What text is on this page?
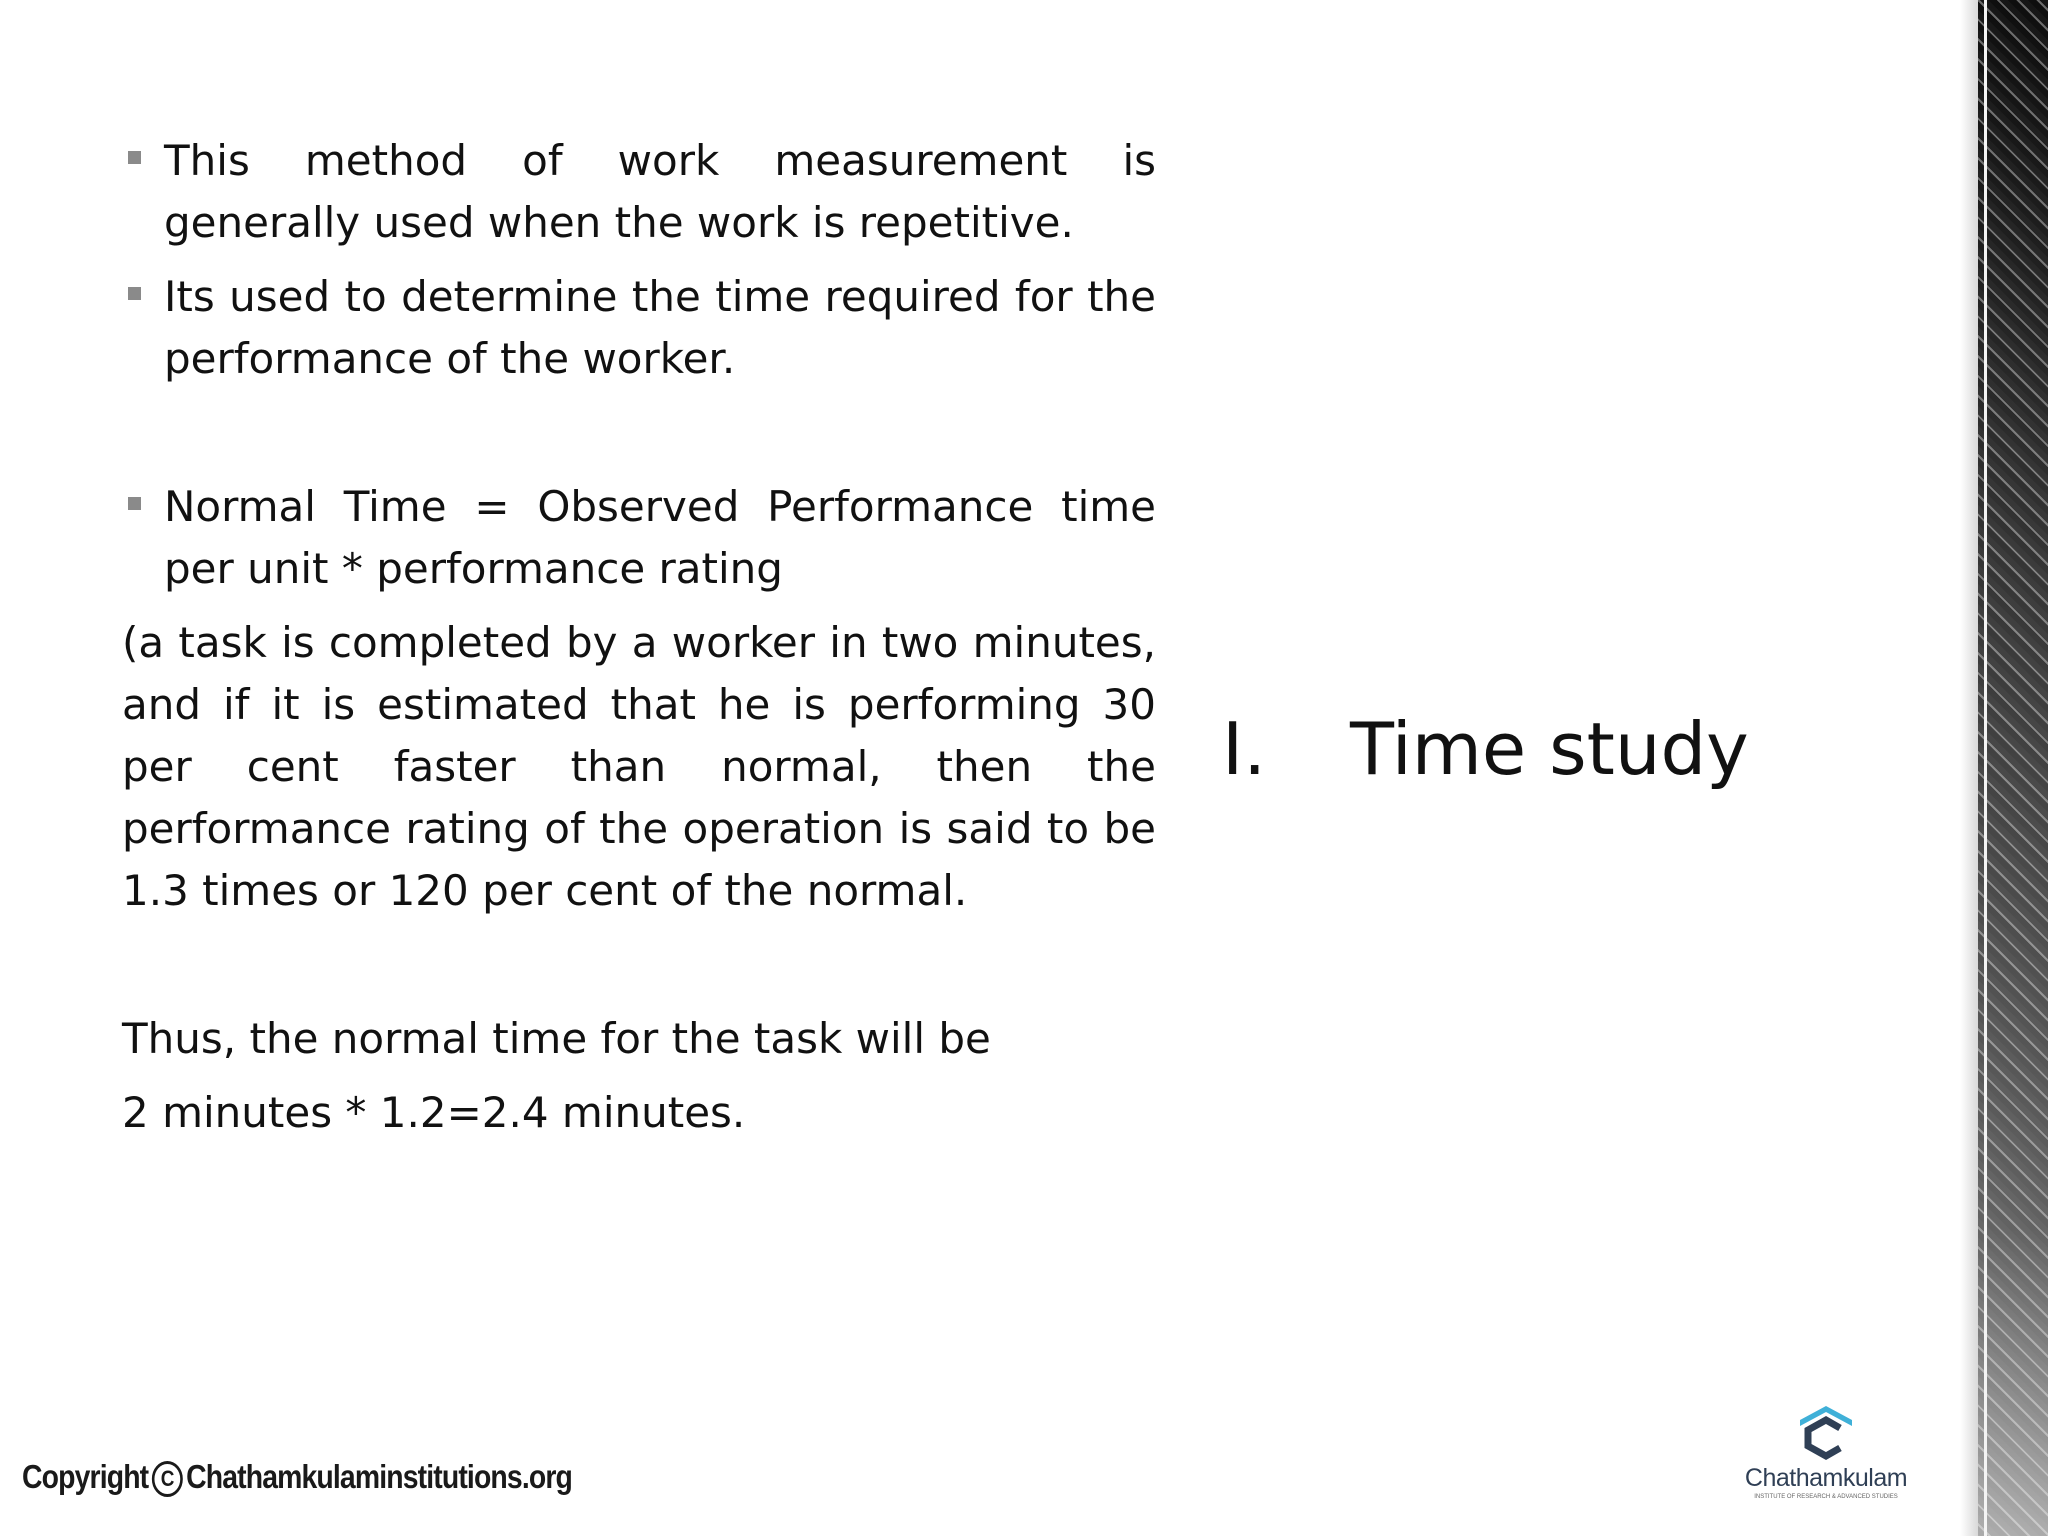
This method of work measurement is generally used when the work is repetitive.
Its used to determine the time required for the performance of the worker.
Normal Time = Observed Performance time per unit * performance rating
(a task is completed by a worker in two minutes, and if it is estimated that he is performing 30 per cent faster than normal, then the performance rating of the operation is said to be 1.3 times or 120 per cent of the normal.
Thus, the normal time for the task will be
2 minutes * 1.2=2.4 minutes.
I. Time study
Copyright C Chathamkulaminstitutions.org	Chathamkulam
INSTITUTE OF RESEARCH & ADVANCED STUDIES
